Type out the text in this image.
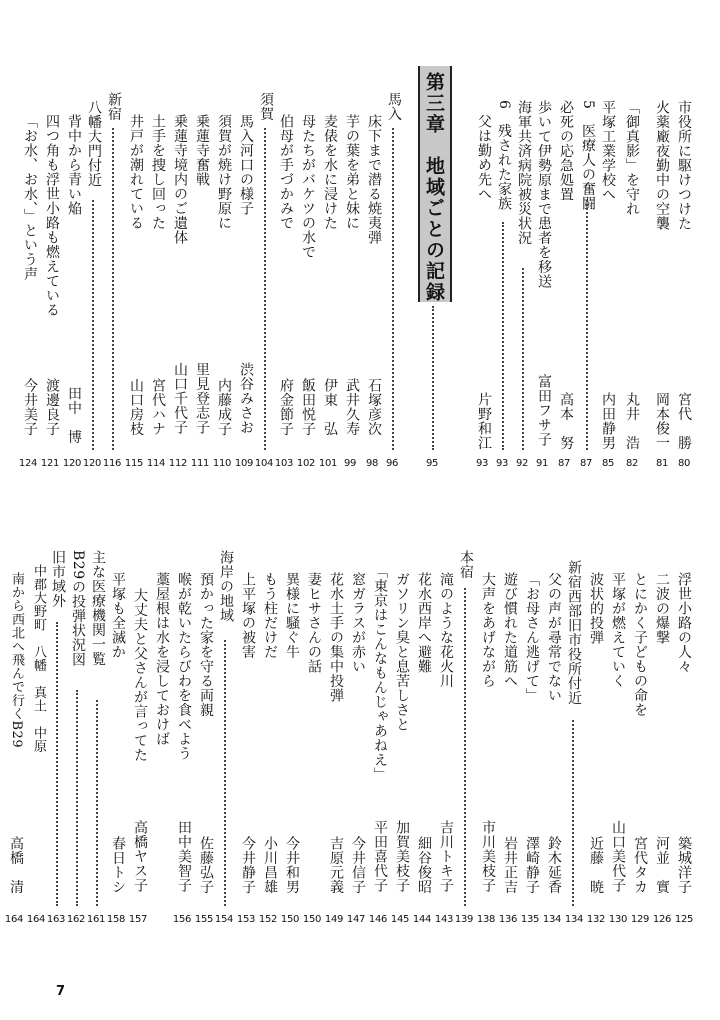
市役所に駆けつけた
宮代　勝
80
火薬廠夜勤中の空襲
岡本俊一
81
「御真影」を守れ
丸井　浩
82
平塚工業学校へ
内田静男
85
5　医療人の奮闘
87
必死の応急処置
高本　努
87
歩いて伊勢原まで患者を移送
富田フサ子
91
海軍共済病院被災状況
92
6　残された家族
93
父は勤め先へ
片野和江
93
第三章　地域ごとの記録
95
馬入
96
床下まで潜る焼夷弾
石塚彦次
98
芋の葉を弟と妹に
武井久寿
99
麦俵を水に浸けた
伊東　弘
101
母たちがバケツの水で
飯田悦子
102
伯母が手づかみで
府金節子
103
須賀
104
馬入河口の様子
渋谷みさお
109
須賀が焼け野原に
内藤成子
110
乗蓮寺奮戦
里見登志子
111
乗蓮寺境内のご遺体
山口千代子
112
土手を捜し回った
宮代ハナ
114
井戸が潮れている
山口房枝
115
新宿
116
八幡大門付近
120
背中から青い焔
田中　博
120
四つ角も浮世小路も燃えている
渡邊良子
121
「お水、お水、」という声
今井美子
124
浮世小路の人々
築城洋子
125
二波の爆撃
河並　實
126
とにかく子どもの命を
宮代タカ
129
平塚が燃えていく
山口美代子
130
波状的投弾
近藤　暁
132
新宿西部旧市役所付近
134
父の声が尋常でない
鈴木延香
134
「お母さん逃げて」
澤崎静子
135
遊び慣れた道筋へ
岩井正吉
136
大声をあげながら
市川美枝子
138
本宿
139
滝のような花火川
吉川トキ子
143
花水西岸へ避難
細谷俊昭
144
ガソリン臭と息苦しさと
加賀美枝子
145
「東京はこんなもんじゃあねえ」
平田喜代子
146
窓ガラスが赤い
今井信子
147
花水土手の集中投弾
吉原元義
149
妻ヒサさんの話
150
異様に騒ぐ牛
今井和男
150
もう柱だけだ
小川昌雄
152
上平塚の被害
今井静子
153
海岸の地域
154
預かった家を守る両親
佐藤弘子
155
喉が乾いたらびわを食べよう
田中美智子
156
藁屋根は水を浸しておけば
大丈夫と父さんが言ってた
高橋ヤス子
157
平塚も全滅か
春日トシ
158
主な医療機関一覧
161
B29の投弾状況図
162
旧市域外
163
中郡大野町　八幡　真土　中原
164
南から西北へ飛んで行くB29
高橋　清
164
7
